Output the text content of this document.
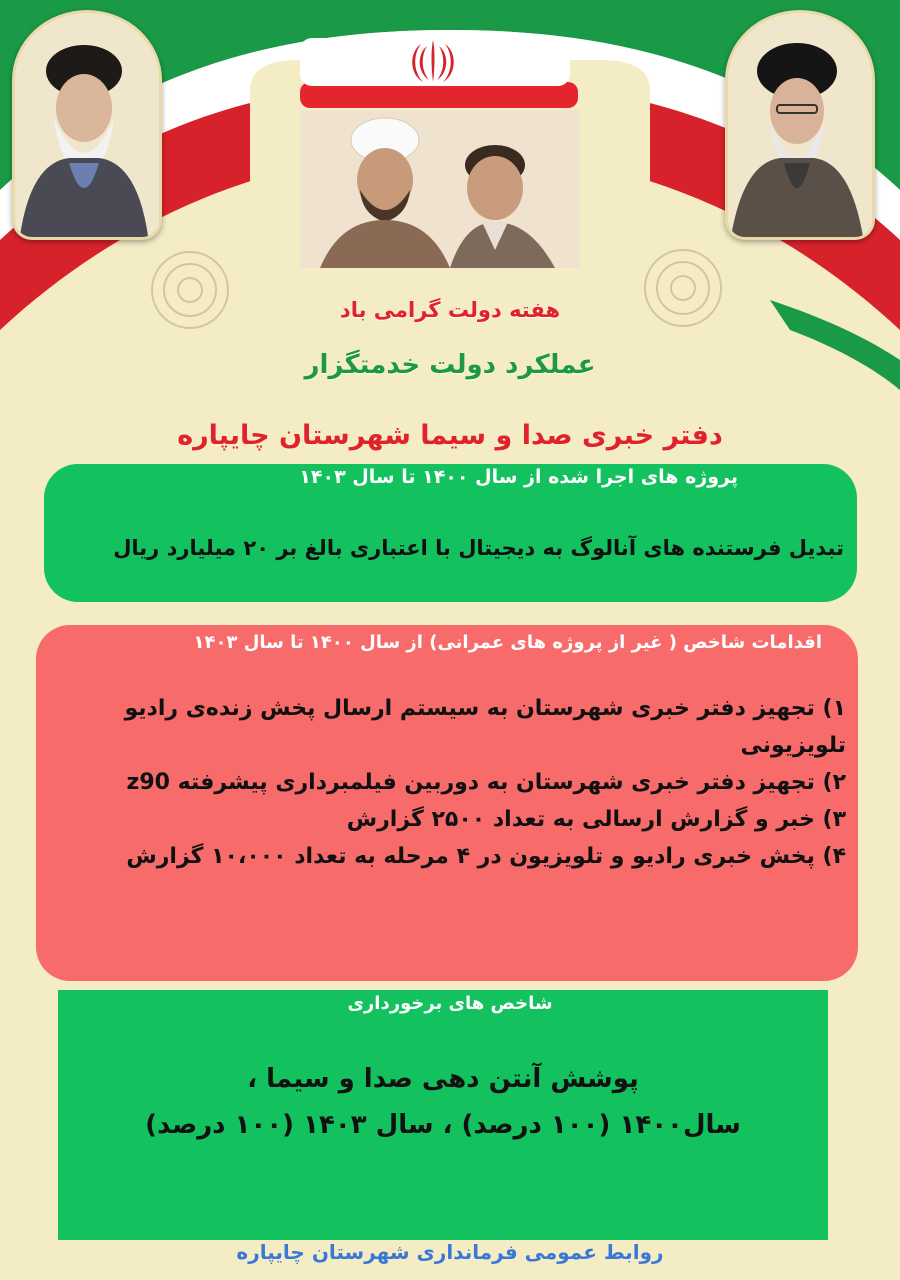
هفته دولت گرامی باد
عملکرد دولت خدمتگزار
دفتر خبری صدا و سیما شهرستان چایپاره
پروژه های اجرا شده از سال ۱۴۰۰ تا سال ۱۴۰۳
تبدیل فرستنده های آنالوگ به دیجیتال با اعتباری بالغ بر ۲۰ میلیارد ریال
اقدامات شاخص ( غیر از پروژه های عمرانی) از سال ۱۴۰۰ تا سال ۱۴۰۳
۱) تجهیز دفتر خبری شهرستان به سیستم ارسال پخش زنده‌ی رادیو تلویزیونی
۲) تجهیز دفتر خبری شهرستان به دوربین فیلمبرداری پیشرفته z90
۳) خبر و گزارش ارسالی به تعداد ۲۵۰۰ گزارش
۴) پخش خبری رادیو و تلویزیون در ۴ مرحله به تعداد ۱۰،۰۰۰ گزارش
شاخص های برخورداری
پوشش آنتن دهی صدا و سیما ،
سال۱۴۰۰ (۱۰۰ درصد) ، سال ۱۴۰۳ (۱۰۰ درصد)
روابط عمومی فرمانداری شهرستان چایپاره
